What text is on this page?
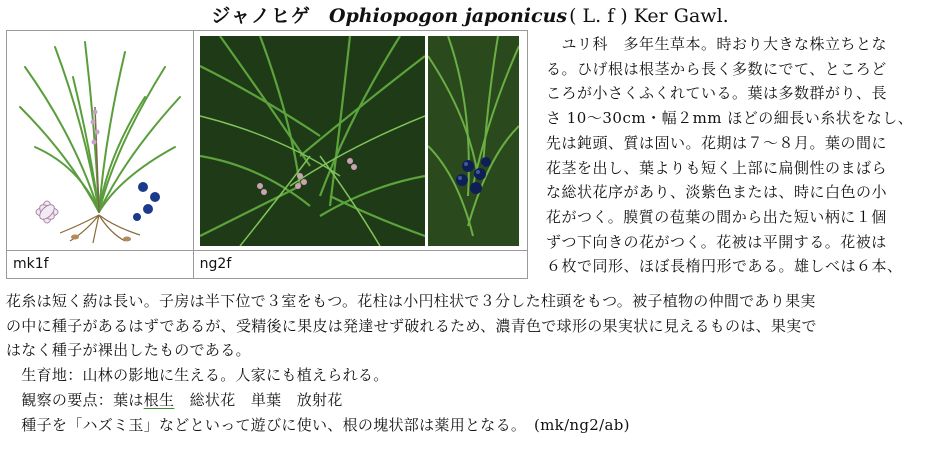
ジャノヒゲ Ophiopogon japonicus ( L. f ) Ker Gawl.

mk1f	ng2f
　ユリ科　多年生草本。時おり大きな株立ちとな
る。ひげ根は根茎から長く多数にでて、ところど
ころが小さくふくれている。葉は多数群がり、長
さ 10～30cm・幅２mm ほどの細長い糸状をなし、
先は鈍頭、質は固い。花期は７～８月。葉の間に
花茎を出し、葉よりも短く上部に扁側性のまばら
な総状花序があり、淡紫色または、時に白色の小
花がつく。膜質の苞葉の間から出た短い柄に１個
ずつ下向きの花がつく。花被は平開する。花被は
６枚で同形、ほぼ長楕円形である。雄しべは６本、
花糸は短く葯は長い。子房は半下位で３室をもつ。花柱は小円柱状で３分した柱頭をもつ。被子植物の仲間であり果実
の中に種子があるはずであるが、受精後に果皮は発達せず破れるため、濃青色で球形の果実状に見えるものは、果実で
はなく種子が裸出したものである。
　生育地：山林の影地に生える。人家にも植えられる。
　観察の要点：葉は根生　総状花　単葉　放射花
　種子を「ハズミ玉」などといって遊びに使い、根の塊状部は薬用となる。　(mk/ng2/ab)
